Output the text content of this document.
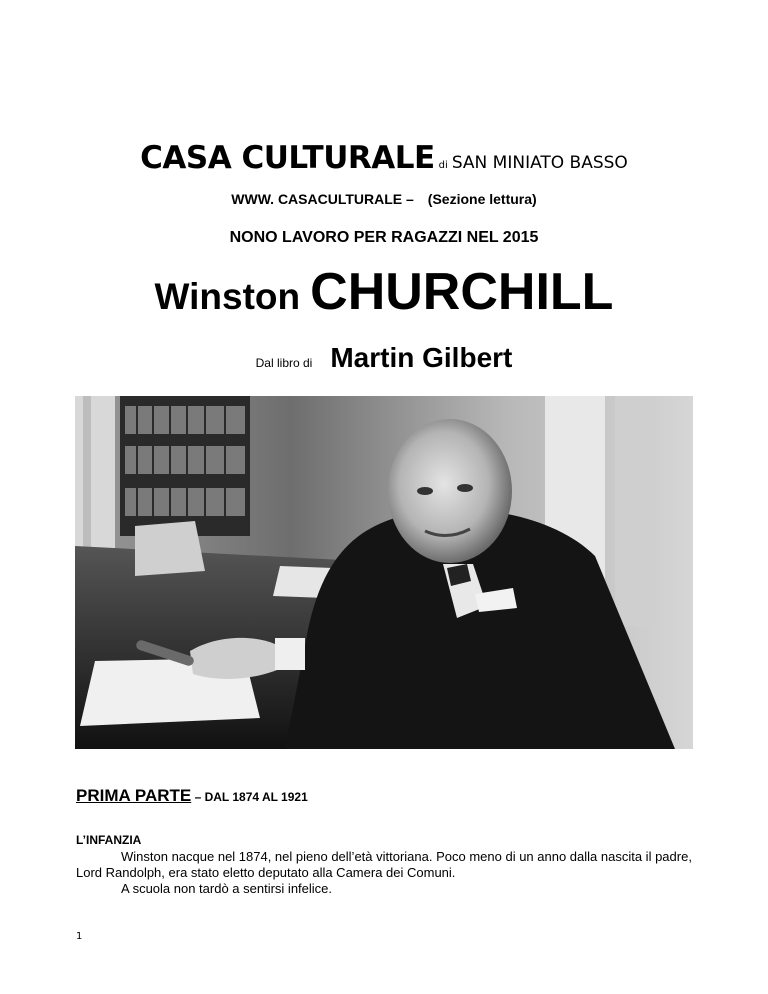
CASA CULTURALE di SAN MINIATO BASSO
WWW. CASACULTURALE – (Sezione lettura)
NONO LAVORO PER RAGAZZI NEL 2015
Winston CHURCHILL
Dal libro di Martin Gilbert
PRIMA PARTE – DAL 1874 AL 1921
L’INFANZIA
Winston nacque nel 1874, nel pieno dell’età vittoriana. Poco meno di un anno dalla nascita il padre, Lord Randolph, era stato eletto deputato alla Camera dei Comuni.
A scuola non tardò a sentirsi infelice.
1
